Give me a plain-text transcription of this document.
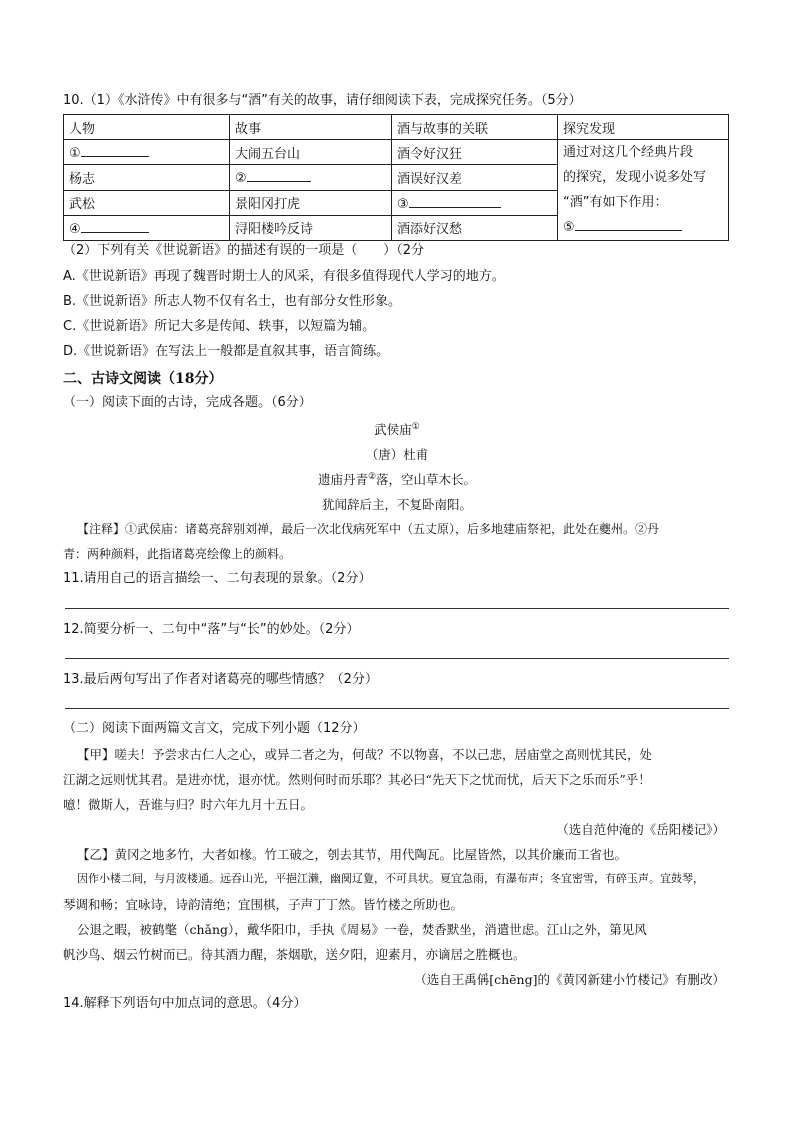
10.（1）《水浒传》中有很多与“酒”有关的故事，请仔细阅读下表，完成探究任务。（5分）
人物	故事	酒与故事的关联	探究发现
①	大闹五台山	酒令好汉狂	通过对这几个经典片段
的探究，发现小说多处写
“酒”有如下作用：
⑤

杨志	②	酒误好汉差	
武松	景阳冈打虎	③	
④	浔阳楼吟反诗	酒添好汉愁	
（2）下列有关《世说新语》的描述有误的一项是（　　）（2分
A.《世说新语》再现了魏晋时期士人的风采，有很多值得现代人学习的地方。
B.《世说新语》所志人物不仅有名士，也有部分女性形象。
C.《世说新语》所记大多是传闻、轶事，以短篇为辅。
D.《世说新语》在写法上一般都是直叙其事，语言简练。
二、古诗文阅读（18分）
（一）阅读下面的古诗，完成各题。（6分）
武侯庙①
（唐）杜甫
遗庙丹青②落，空山草木长。
犹闻辞后主，不复卧南阳。
【注释】①武侯庙：诸葛亮辞别刘禅，最后一次北伐病死军中（五丈原），后多地建庙祭祀，此处在夔州。②丹
青：两种颜料，此指诸葛亮绘像上的颜料。
11.请用自己的语言描绘一、二句表现的景象。（2分）
12.简要分析一、二句中“落”与“长”的妙处。（2分）
13.最后两句写出了作者对诸葛亮的哪些情感？（2分）
（二）阅读下面两篇文言文，完成下列小题（12分）
【甲】嗟夫！予尝求古仁人之心，或异二者之为，何哉？不以物喜，不以己悲，居庙堂之高则忧其民，处
江湖之远则忧其君。是进亦忧，退亦忧。然则何时而乐耶？其必曰“先天下之忧而忧，后天下之乐而乐”乎！
噫！微斯人，吾谁与归？时六年九月十五日。
（选自范仲淹的《岳阳楼记》）
【乙】黄冈之地多竹，大者如椽。竹工破之，刳去其节，用代陶瓦。比屋皆然，以其价廉而工省也。
因作小楼二间，与月波楼通。远吞山光，平挹江濑，幽阒辽夐，不可具状。夏宜急雨，有瀑布声；冬宜密雪，有碎玉声。宜鼓琴，
琴调和畅；宜咏诗，诗韵清绝；宜围棋，子声丁丁然。皆竹楼之所助也。
公退之暇，被鹤氅（chǎng），戴华阳巾，手执《周易》一卷，焚香默坐，消遣世虑。江山之外，第见风
帆沙鸟、烟云竹树而已。待其酒力醒，茶烟歇，送夕阳，迎素月，亦谪居之胜概也。
（选自王禹偁[chēng]的《黄冈新建小竹楼记》有删改）
14.解释下列语句中加点词的意思。（4分）
